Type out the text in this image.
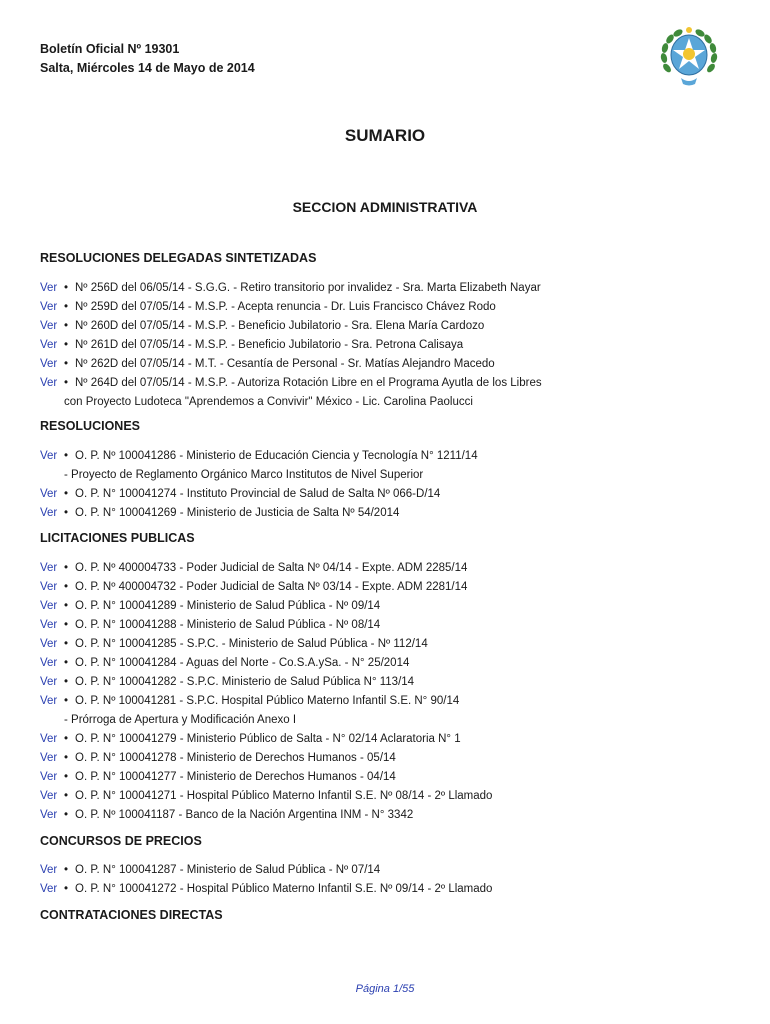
Boletín Oficial Nº 19301
Salta, Miércoles 14 de Mayo de 2014
SUMARIO
SECCION ADMINISTRATIVA
RESOLUCIONES DELEGADAS SINTETIZADAS
Ver • Nº 256D del 06/05/14 - S.G.G. - Retiro transitorio por invalidez - Sra. Marta Elizabeth Nayar
Ver • Nº 259D del 07/05/14 - M.S.P. - Acepta renuncia - Dr. Luis Francisco Chávez Rodo
Ver • Nº 260D del 07/05/14 - M.S.P. - Beneficio Jubilatorio - Sra. Elena María Cardozo
Ver • Nº 261D del 07/05/14 - M.S.P. - Beneficio Jubilatorio - Sra. Petrona Calisaya
Ver • Nº 262D del 07/05/14 - M.T. - Cesantía de Personal - Sr. Matías Alejandro Macedo
Ver • Nº 264D del 07/05/14 - M.S.P. - Autoriza Rotación Libre en el Programa Ayutla de los Libres
con Proyecto Ludoteca "Aprendemos a Convivir" México - Lic. Carolina Paolucci
RESOLUCIONES
Ver • O. P. Nº 100041286 - Ministerio de Educación Ciencia y Tecnología N° 1211/14
- Proyecto de Reglamento Orgánico Marco Institutos de Nivel Superior
Ver • O. P. N° 100041274 - Instituto Provincial de Salud de Salta Nº 066-D/14
Ver • O. P. N° 100041269 - Ministerio de Justicia de Salta Nº 54/2014
LICITACIONES PUBLICAS
Ver • O. P. Nº 400004733 - Poder Judicial de Salta Nº 04/14 - Expte. ADM 2285/14
Ver • O. P. Nº 400004732 - Poder Judicial de Salta Nº 03/14 - Expte. ADM 2281/14
Ver • O. P. N° 100041289 - Ministerio de Salud Pública - Nº 09/14
Ver • O. P. N° 100041288 - Ministerio de Salud Pública - Nº 08/14
Ver • O. P. N° 100041285 - S.P.C. - Ministerio de Salud Pública - Nº 112/14
Ver • O. P. N° 100041284 - Aguas del Norte - Co.S.A.ySa. - N° 25/2014
Ver • O. P. N° 100041282 - S.P.C. Ministerio de Salud Pública N° 113/14
Ver • O. P. Nº 100041281 - S.P.C. Hospital Público Materno Infantil S.E. N° 90/14
- Prórroga de Apertura y Modificación Anexo I
Ver • O. P. N° 100041279 - Ministerio Público de Salta - N° 02/14 Aclaratoria N° 1
Ver • O. P. N° 100041278 - Ministerio de Derechos Humanos - 05/14
Ver • O. P. N° 100041277 - Ministerio de Derechos Humanos - 04/14
Ver • O. P. N° 100041271 - Hospital Público Materno Infantil S.E. Nº 08/14 - 2º Llamado
Ver • O. P. Nº 100041187 - Banco de la Nación Argentina INM - N° 3342
CONCURSOS DE PRECIOS
Ver • O. P. N° 100041287 - Ministerio de Salud Pública - Nº 07/14
Ver • O. P. N° 100041272 - Hospital Público Materno Infantil S.E. Nº 09/14 - 2º Llamado
CONTRATACIONES DIRECTAS
Página 1/55
